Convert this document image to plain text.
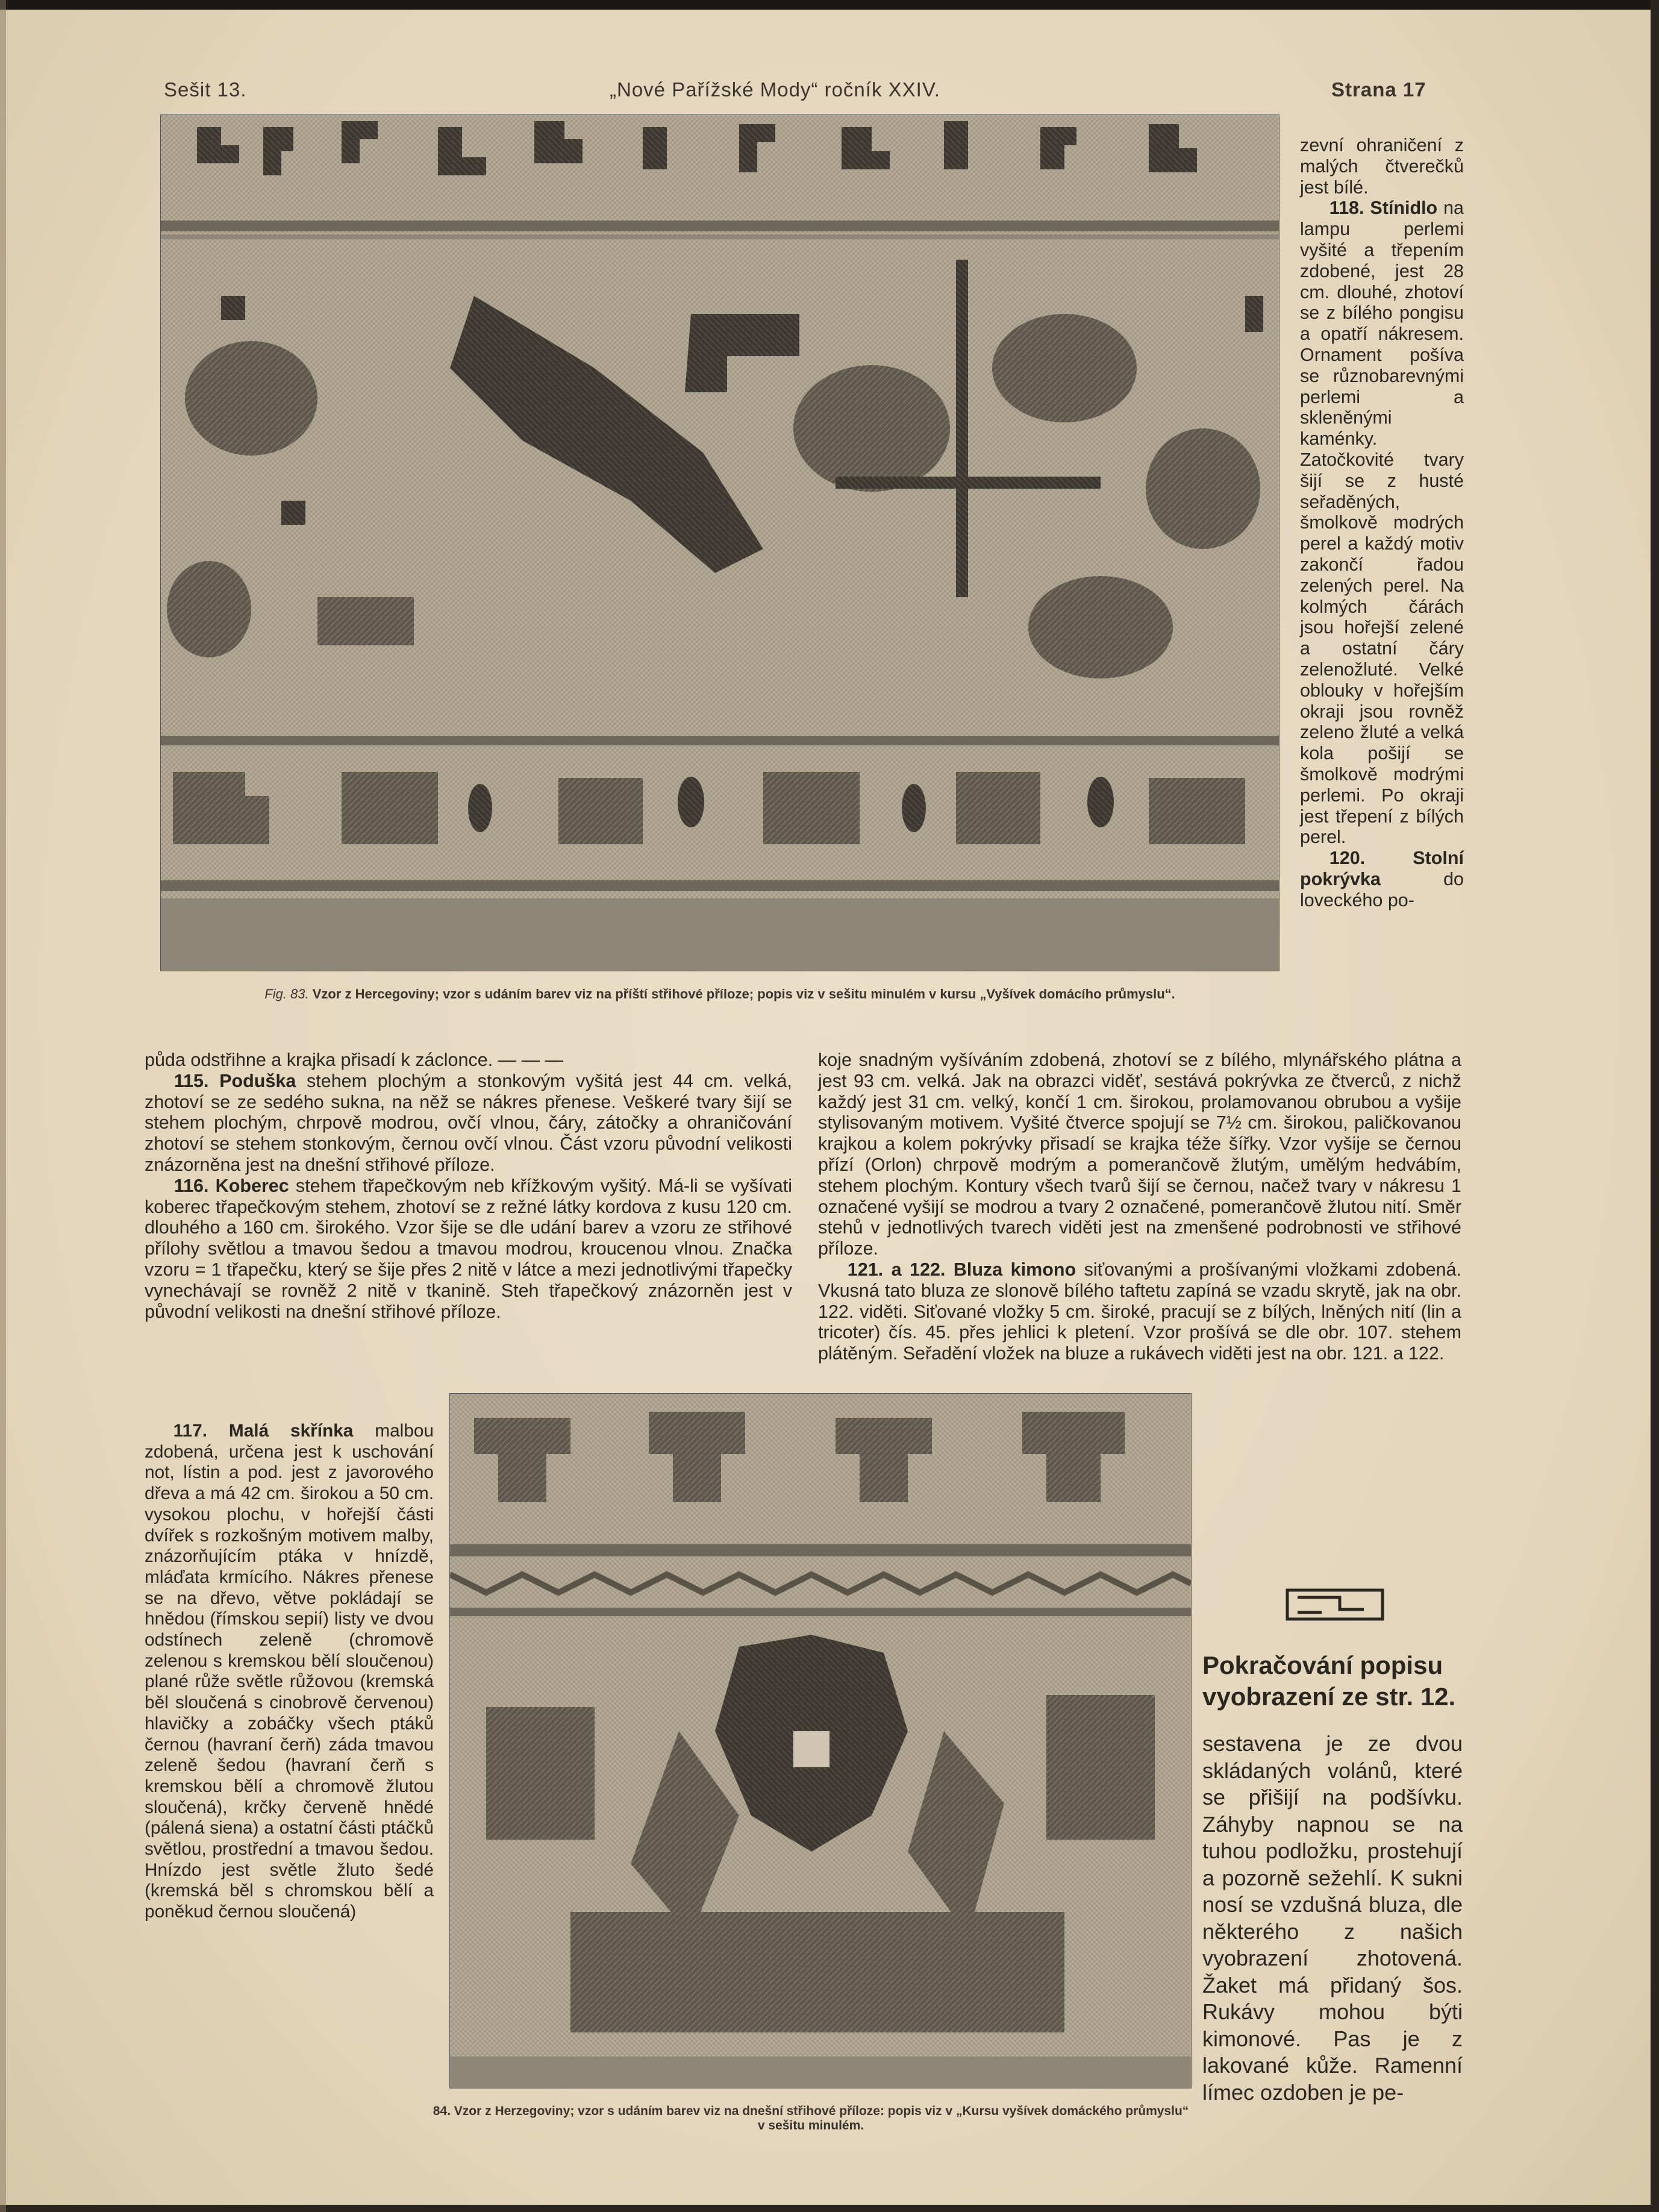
Sešit 13.	„Nové Pařížské Mody“ ročník XXIV.	Strana 17
Fig. 83. Vzor z Hercegoviny; vzor s udáním barev viz na příští střihové příloze; popis viz v sešitu minulém v kursu „Vyšívek domácího průmyslu“.

zevní ohraničení z malých čtverečků jest bílé.

118. Stínidlo na lampu perlemi vyšité a třepením zdobené, jest 28 cm. dlouhé, zhotoví se z bílého pongisu a opatří nákresem. Ornament pošíva se různobarevnými perlemi a skleněnými kaménky. Zatočkovité tvary šijí se z husté seřaděných, šmolkově modrých perel a každý motiv zakončí řadou zelených perel. Na kolmých čárách jsou hořejší zelené a ostatní čáry zelenožluté. Velké oblouky v hořejším okraji jsou rovněž zeleno žluté a velká kola pošijí se šmolkově modrými perlemi. Po okraji jest třepení z bílých perel.

120.	Stolní pokrývka	do loveckého po-

půda odstřihne a krajka přisadí k záclonce. — — —

115. Poduška stehem plochým a stonkovým vyšitá jest 44 cm. velká, zhotoví se ze sedého sukna, na něž se nákres přenese. Veškeré tvary šijí se stehem plochým, chrpově modrou, ovčí vlnou, čáry, zátočky a ohraničování zhotoví se stehem stonkovým, černou ovčí vlnou. Část vzoru původní velikosti znázorněna jest na dnešní střihové příloze.

116. Koberec stehem třapečkovým neb křížkovým vyšitý. Má-li se vyšívati koberec třapečkovým stehem, zhotoví se z režné látky kordova z kusu 120 cm. dlouhého a 160 cm. širokého. Vzor šije se dle udání barev a vzoru ze střihové přílohy světlou a tmavou šedou a tmavou modrou, kroucenou vlnou. Značka vzoru = 1 třapečku, který se šije přes 2 nitě v látce a mezi jednotlivými třapečky vynechávají se rovněž 2 nitě v tkanině. Steh třapečkový znázorněn jest v původní velikosti na dnešní střihové příloze.

117. Malá skřínka malbou zdobená, určena jest k uschování not, lístin a pod. jest z javorového dřeva a má 42 cm. širokou a 50 cm. vysokou plochu, v hořejší části dvířek s rozkošným motivem malby, znázorňujícím ptáka v hnízdě, mláďata krmícího. Nákres přenese se na dřevo, větve pokládají se hnědou (římskou sepií) listy ve dvou odstínech zeleně (chromově zelenou s kremskou bělí sloučenou) plané růže světle růžovou (kremská běl sloučená s cinobrově červenou) hlavičky a zobáčky všech ptáků černou (havraní čerň) záda tmavou zeleně šedou (havraní čerň s kremskou bělí a chromově žlutou sloučená), krčky červeně hnědé (pálená siena) a ostatní části ptáčků světlou, prostřední a tmavou šedou. Hnízdo jest světle žluto šedé (kremská běl s chromskou bělí a poněkud černou sloučená)

koje snadným vyšíváním zdobená, zhotoví se z bílého, mlynářského plátna a jest 93 cm. velká. Jak na obrazci viděť, sestává pokrývka ze čtverců, z nichž každý jest 31 cm. velký, končí 1 cm. širokou, prolamovanou obrubou a vyšije stylisovaným motivem. Vyšité čtverce spojují se 7½ cm. širokou, paličkovanou krajkou a kolem pokrývky přisadí se krajka téže šířky. Vzor vyšije se černou přízí (Orlon) chrpově modrým a pomerančově žlutým, umělým hedvábím, stehem plochým. Kontury všech tvarů šijí se černou, načež tvary v nákresu 1 označené vyšijí se modrou a tvary 2 označené, pomerančově žlutou nití. Směr stehů v jednotlivých tvarech viděti jest na zmenšené podrobnosti ve střihové příloze.

121. a 122. Bluza kimono siťovanými a prošívanými vložkami zdobená. Vkusná tato bluza ze slonově bílého taftetu zapíná se vzadu skrytě, jak na obr. 122. viděti. Siťované vložky 5 cm. široké, pracují se z bílých, lněných nití (lin a tricoter) čís. 45. přes jehlici k pletení. Vzor prošívá se dle obr. 107. stehem plátěným. Seřadění vložek na bluze a rukávech viděti jest na obr. 121. a 122.

84. Vzor z Herzegoviny; vzor s udáním barev viz na dnešní střihové příloze: popis viz v „Kursu vyšívek domáckého průmyslu“ v sešitu minulém.
Pokračování popisu vyobrazení ze str. 12.

sestavena je ze dvou skládaných volánů, které se přišijí na podšívku. Záhyby napnou se na tuhou podložku, prostehují a pozorně sežehlí. K sukni nosí se vzdušná bluza, dle některého z našich vyobrazení zhotovená. Žaket má přidaný šos. Rukávy mohou býti kimonové. Pas je z lakované kůže. Ramenní límec ozdoben je pe-
